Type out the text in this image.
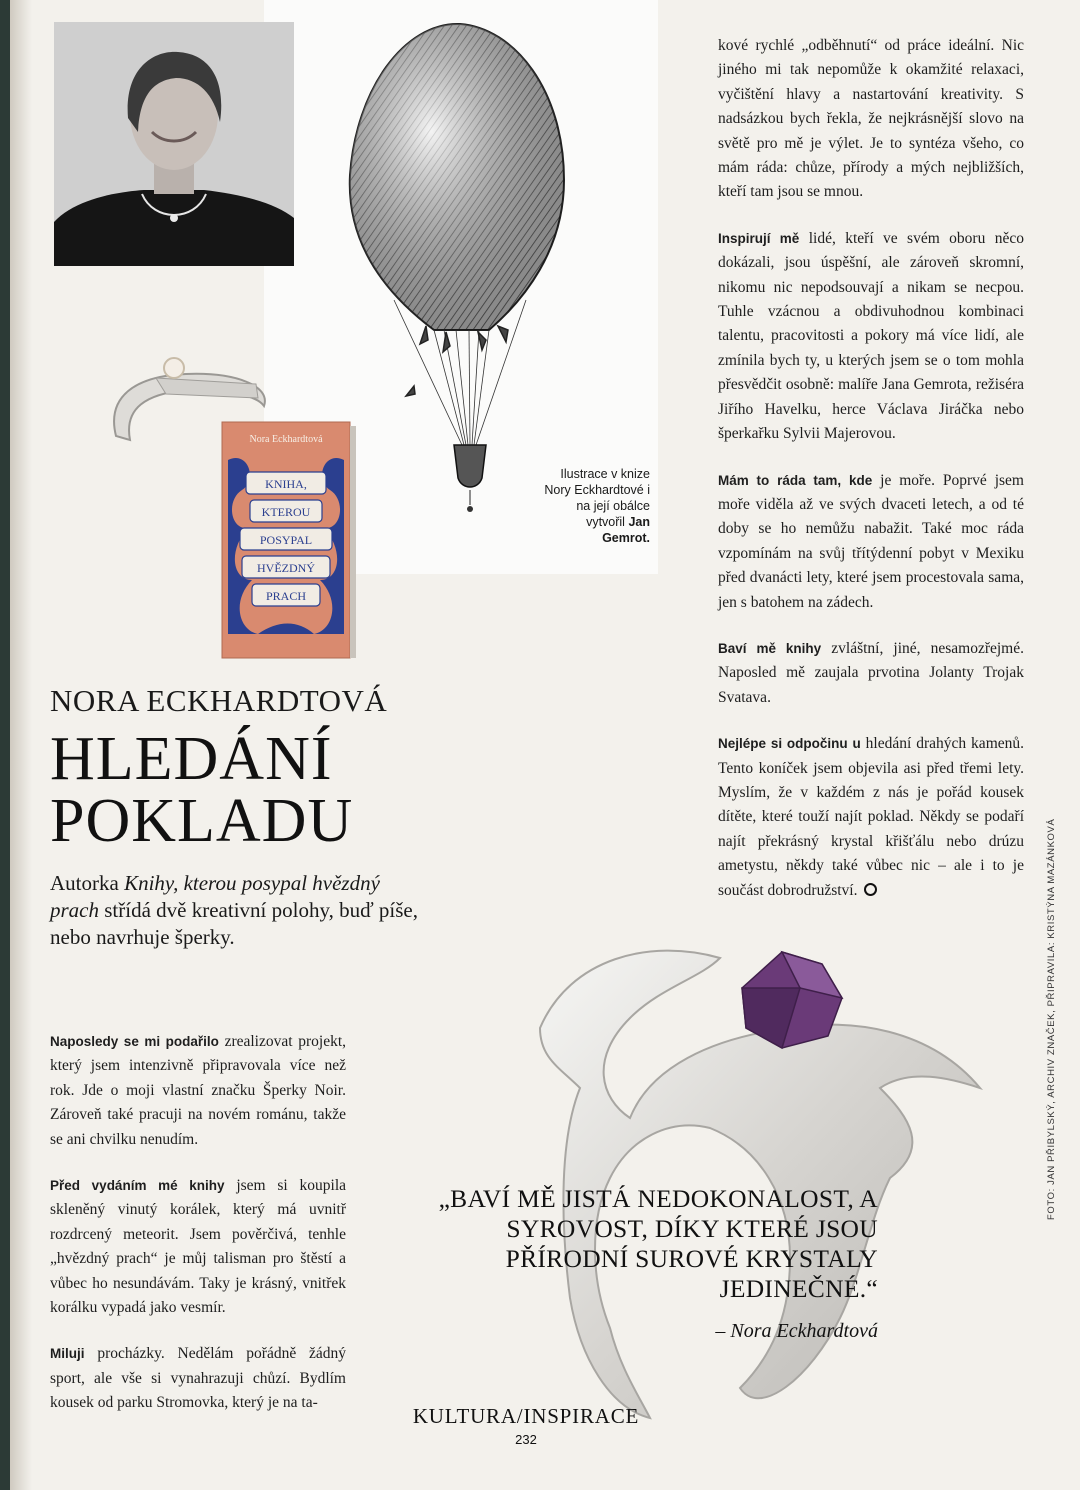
Nora Eckhardtová
KNIHA,
KTEROU
POSYPAL
HVĚZDNÝ
PRACH
Ilustrace v knize Nory Eckhardtové i na její obálce vytvořil Jan Gemrot.
NORA ECKHARDTOVÁ
HLEDÁNÍ
POKLADU
Autorka Knihy, kterou posypal hvězdný prach střídá dvě kreativní polohy, buď píše, nebo navrhuje šperky.

Naposledy se mi podařilo zrealizovat projekt, který jsem intenzivně připravovala více než rok. Jde o moji vlastní značku Šperky Noir. Zároveň také pracuji na novém románu, takže se ani chvilku nenudím.

Před vydáním mé knihy jsem si koupila skleněný vinutý korálek, který má uvnitř rozdrcený meteorit. Jsem pověrčivá, tenhle „hvězdný prach“ je můj talisman pro štěstí a vůbec ho nesundávám. Taky je krásný, vnitřek korálku vypadá jako vesmír.

Miluji procházky. Nedělám pořádně žádný sport, ale vše si vynahrazuji chůzí. Bydlím kousek od parku Stromovka, který je na ta-

kové rychlé „odběhnutí“ od práce ideální. Nic jiného mi tak nepomůže k okamžité relaxaci, vyčištění hlavy a nastartování kreativity. S nadsázkou bych řekla, že nejkrásnější slovo na světě pro mě je výlet. Je to syntéza všeho, co mám ráda: chůze, přírody a mých nejbližších, kteří tam jsou se mnou.

Inspirují mě lidé, kteří ve svém oboru něco dokázali, jsou úspěšní, ale zároveň skromní, nikomu nic nepodsouvají a nikam se necpou. Tuhle vzácnou a obdivuhodnou kombinaci talentu, pracovitosti a pokory má více lidí, ale zmínila bych ty, u kterých jsem se o tom mohla přesvědčit osobně: malíře Jana Gemrota, režiséra Jiřího Havelku, herce Václava Jiráčka nebo šperkařku Sylvii Majerovou.

Mám to ráda tam, kde je moře. Poprvé jsem moře viděla až ve svých dvaceti letech, a od té doby se ho nemůžu nabažit. Také moc ráda vzpomínám na svůj třítýdenní pobyt v Mexiku před dvanácti lety, které jsem procestovala sama, jen s batohem na zádech.

Baví mě knihy zvláštní, jiné, nesamozřejmé. Naposled mě zaujala prvotina Jolanty Trojak Svatava.

Nejlépe si odpočinu u hledání drahých kamenů. Tento koníček jsem objevila asi před třemi lety. Myslím, že v každém z nás je pořád kousek dítěte, které touží najít poklad. Někdy se podaří najít překrásný krystal křišťálu nebo drúzu ametystu, někdy také vůbec nic – ale i to je součást dobrodružství.

„BAVÍ MĚ JISTÁ NEDOKONALOST, A SYROVOST, DÍKY KTERÉ JSOU PŘÍRODNÍ SUROVÉ KRYSTALY JEDINEČNÉ.“
– Nora Eckhardtová
KULTURA/INSPIRACE
232
FOTO: JAN PŘIBYLSKÝ, ARCHIV ZNAČEK, PŘIPRAVILA: KRISTÝNA MAZÁNKOVÁ
